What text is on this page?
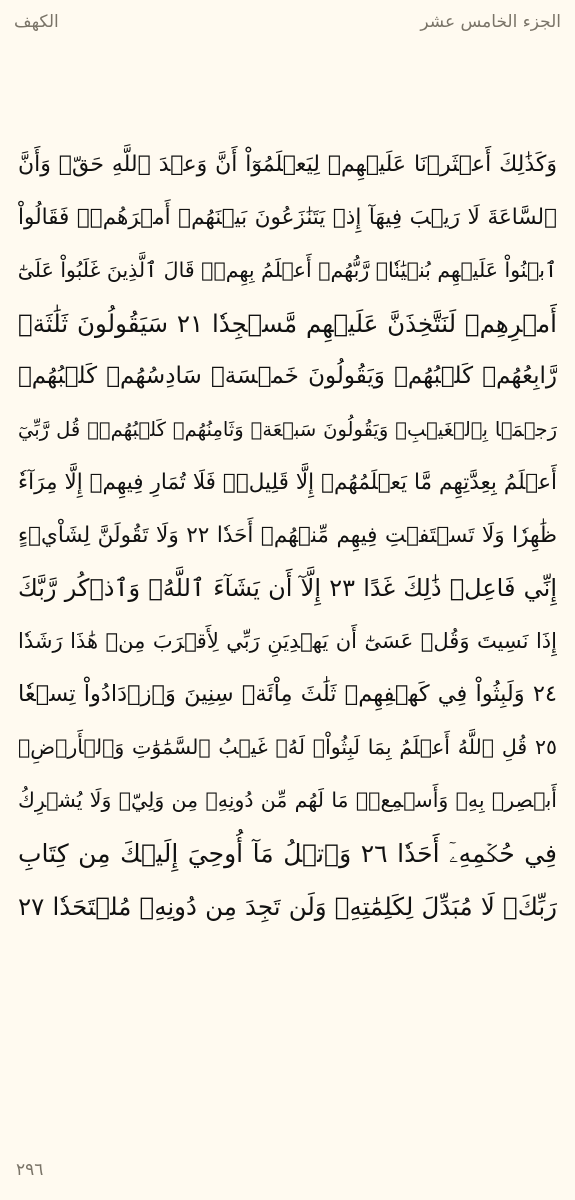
الجزء الخامس عشر
الكهف
وَكَذَٰلِكَ أَعۡثَرۡنَا عَلَيۡهِمۡ لِيَعۡلَمُوٓاْ أَنَّ وَعۡدَ ٱللَّهِ حَقّٞ وَأَنَّ
ٱلسَّاعَةَ لَا رَيۡبَ فِيهَآ إِذۡ يَتَنَٰزَعُونَ بَيۡنَهُمۡ أَمۡرَهُمۡۖ فَقَالُواْ
ٱبۡنُواْ عَلَيۡهِم بُنۡيَٰنٗاۖ رَّبُّهُمۡ أَعۡلَمُ بِهِمۡۚ قَالَ ٱلَّذِينَ غَلَبُواْ عَلَىٰٓ
أَمۡرِهِمۡ لَنَتَّخِذَنَّ عَلَيۡهِم مَّسۡجِدٗا ٢١ سَيَقُولُونَ ثَلَٰثَةٞ
رَّابِعُهُمۡ كَلۡبُهُمۡ وَيَقُولُونَ خَمۡسَةٞ سَادِسُهُمۡ كَلۡبُهُمۡ
رَجۡمَۢا بِٱلۡغَيۡبِۖ وَيَقُولُونَ سَبۡعَةٞ وَثَامِنُهُمۡ كَلۡبُهُمۡۚ قُل رَّبِّيٓ
أَعۡلَمُ بِعِدَّتِهِم مَّا يَعۡلَمُهُمۡ إِلَّا قَلِيلٞۗ فَلَا تُمَارِ فِيهِمۡ إِلَّا مِرَآءٗ
ظَٰهِرٗا وَلَا تَسۡتَفۡتِ فِيهِم مِّنۡهُمۡ أَحَدٗا ٢٢ وَلَا تَقُولَنَّ لِشَاْيۡءٍ
إِنِّي فَاعِلٞ ذَٰلِكَ غَدًا ٢٣ إِلَّآ أَن يَشَآءَ ٱللَّهُۚ وَٱذۡكُر رَّبَّكَ
إِذَا نَسِيتَ وَقُلۡ عَسَىٰٓ أَن يَهۡدِيَنِ رَبِّي لِأَقۡرَبَ مِنۡ هَٰذَا رَشَدٗا
٢٤ وَلَبِثُواْ فِي كَهۡفِهِمۡ ثَلَٰثَ مِاْئَةٖ سِنِينَ وَٱزۡدَادُواْ تِسۡعٗا
٢٥ قُلِ ٱللَّهُ أَعۡلَمُ بِمَا لَبِثُواْۖ لَهُۥ غَيۡبُ ٱلسَّمَٰوَٰتِ وَٱلۡأَرۡضِۖ
أَبۡصِرۡ بِهِۦ وَأَسۡمِعۡۚ مَا لَهُم مِّن دُونِهِۦ مِن وَلِيّٖ وَلَا يُشۡرِكُ
فِي حُكۡمِهِۦٓ أَحَدٗا ٢٦ وَٱتۡلُ مَآ أُوحِيَ إِلَيۡكَ مِن كِتَابِ
رَبِّكَۖ لَا مُبَدِّلَ لِكَلِمَٰتِهِۦ وَلَن تَجِدَ مِن دُونِهِۦ مُلۡتَحَدٗا ٢٧
٢٩٦
